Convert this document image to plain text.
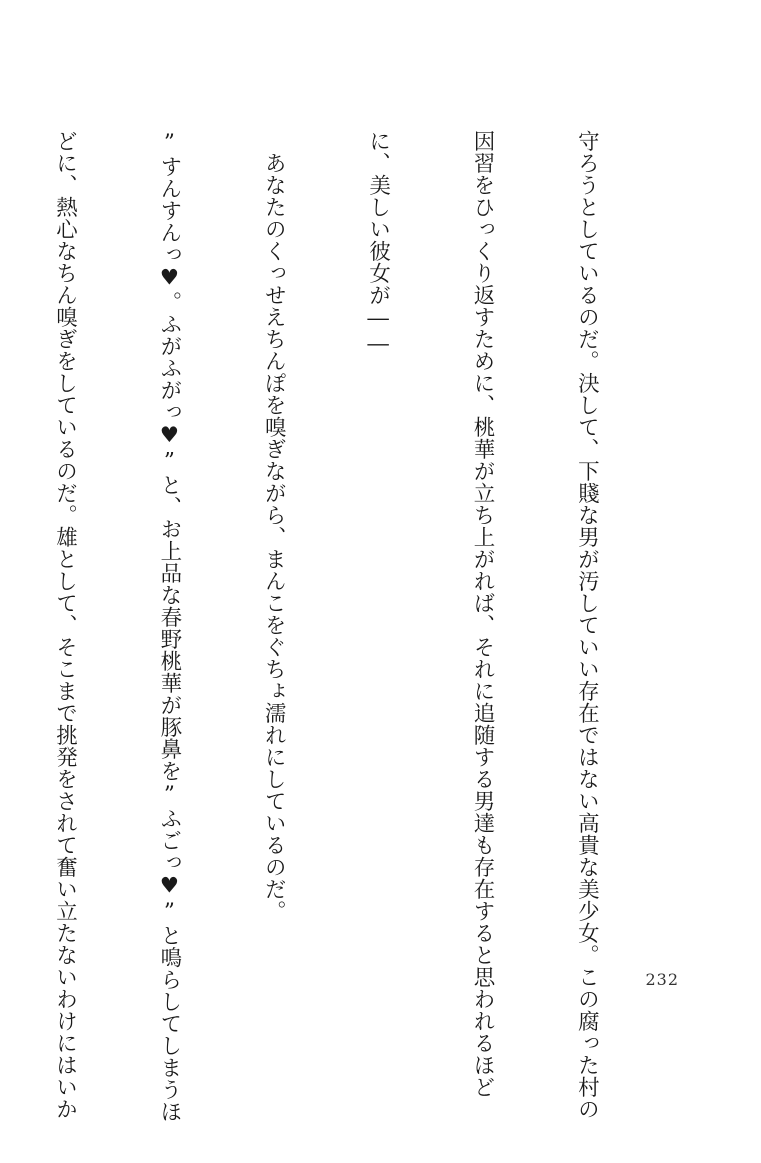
守ろうとしているのだ。決して、下賤な男が汚していい存在ではない高貴な美少女。この腐った村の

因習をひっくり返すために、桃華が立ち上がれば、それに追随する男達も存在すると思われるほど

に、美しい彼女が――

　あなたのくっせえちんぽを嗅ぎながら、まんこをぐちょ濡れにしているのだ。

”すんすんっ♥。ふがふがっ♥”と、お上品な春野桃華が豚鼻を”ふごっ♥”と鳴らしてしまうほ

どに、熱心なちん嗅ぎをしているのだ。雄として、そこまで挑発をされて奮い立たないわけにはいか

	232
